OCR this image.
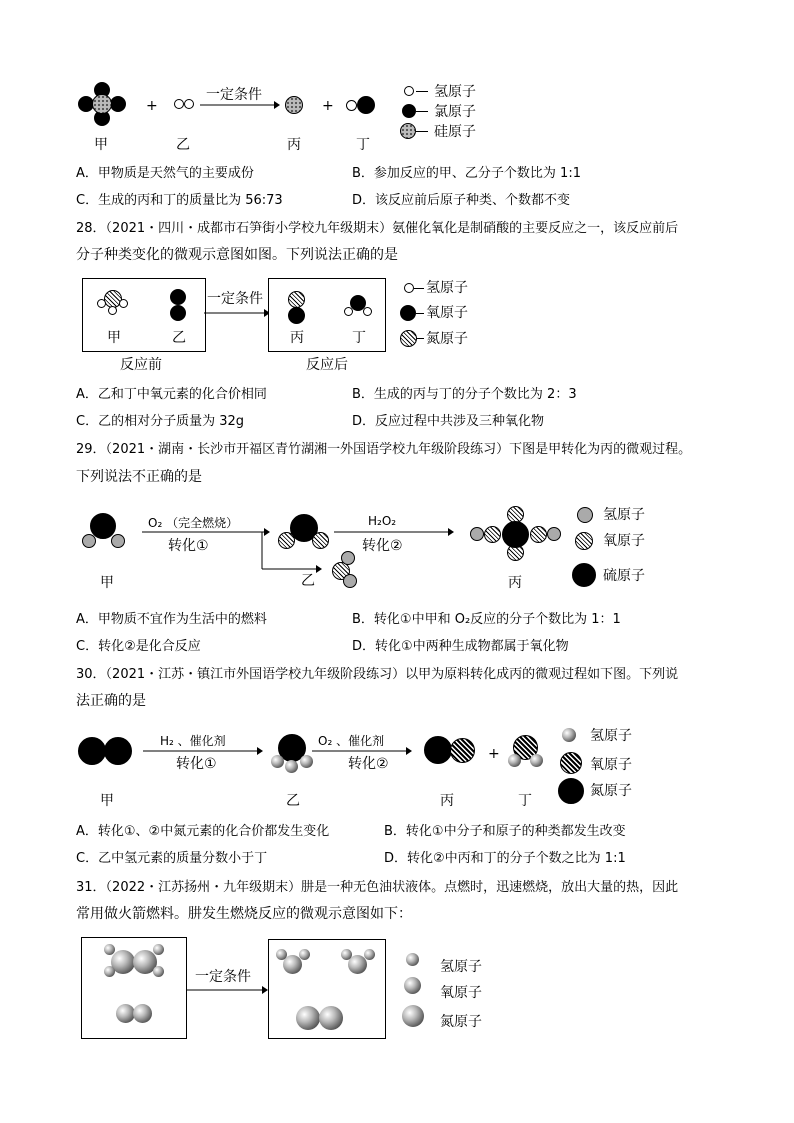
甲
+
乙
一定条件
丙
+
丁
氢原子
氯原子
硅原子
A．甲物质是天然气的主要成份	B．参加反应的甲、乙分子个数比为 1:1
C．生成的丙和丁的质量比为 56:73	D．该反应前后原子种类、个数都不变
28．（2021・四川・成都市石笋街小学校九年级期末）氨催化氧化是制硝酸的主要反应之一，该反应前后
分子种类变化的微观示意图如图。下列说法正确的是
甲	乙
一定条件
丙	丁
反应前	反应后
氢原子
氧原子
氮原子
A．乙和丁中氧元素的化合价相同	B．生成的丙与丁的分子个数比为 2：3
C．乙的相对分子质量为 32g	D．反应过程中共涉及三种氧化物
29．（2021・湖南・长沙市开福区青竹湖湘一外国语学校九年级阶段练习）下图是甲转化为丙的微观过程。
下列说法不正确的是
甲
O₂ （完全燃烧）
转化①
乙
H₂O₂
转化②
丙
氢原子
氧原子
硫原子
A．甲物质不宜作为生活中的燃料	B．转化①中甲和 O₂反应的分子个数比为 1：1
C．转化②是化合反应	D．转化①中两种生成物都属于氧化物
30．（2021・江苏・镇江市外国语学校九年级阶段练习）以甲为原料转化成丙的微观过程如下图。下列说
法正确的是
甲
H₂ 、催化剂
转化①
乙
O₂ 、催化剂
转化②
丙
+
丁
氢原子
氧原子
氮原子
A．转化①、②中氮元素的化合价都发生变化	B．转化①中分子和原子的种类都发生改变
C．乙中氢元素的质量分数小于丁	D．转化②中丙和丁的分子个数之比为 1:1
31．（2022・江苏扬州・九年级期末）肼是一种无色油状液体。点燃时，迅速燃烧，放出大量的热，因此
常用做火箭燃料。肼发生燃烧反应的微观示意图如下：
一定条件
氢原子
氧原子
氮原子
